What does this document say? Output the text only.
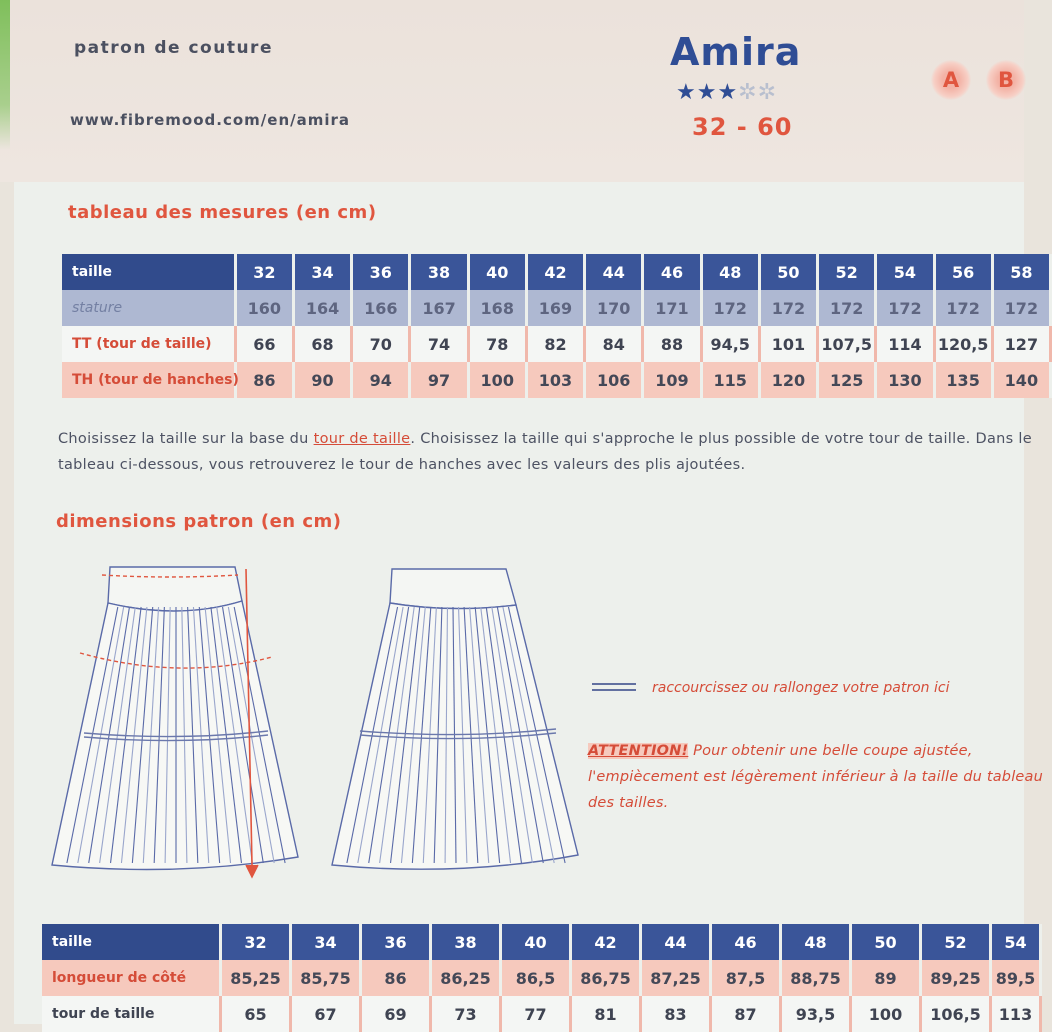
patron de couture
www.fibremood.com/en/amira
Amira
★★★✲✲
32 - 60
A	B
tableau des mesures (en cm)
taille	32	34	36	38	40	42	44	46	48	50	52	54	56	58
stature	160	164	166	167	168	169	170	171	172	172	172	172	172	172
TT (tour de taille)	66	68	70	74	78	82	84	88	94,5	101	107,5	114	120,5	127
TH (tour de hanches)	86	90	94	97	100	103	106	109	115	120	125	130	135	140
Choisissez la taille sur la base du tour de taille. Choisissez la taille qui s'approche le plus possible de votre tour de taille. Dans le tableau ci-dessous, vous retrouverez le tour de hanches avec les valeurs des plis ajoutées.
dimensions patron (en cm)
raccourcissez ou rallongez votre patron ici
ATTENTION! Pour obtenir une belle coupe ajustée, l'empiècement est légèrement inférieur à la taille du tableau des tailles.
taille	32	34	36	38	40	42	44	46	48	50	52	54
longueur de côté	85,25	85,75	86	86,25	86,5	86,75	87,25	87,5	88,75	89	89,25	89,5
tour de taille	65	67	69	73	77	81	83	87	93,5	100	106,5	113
